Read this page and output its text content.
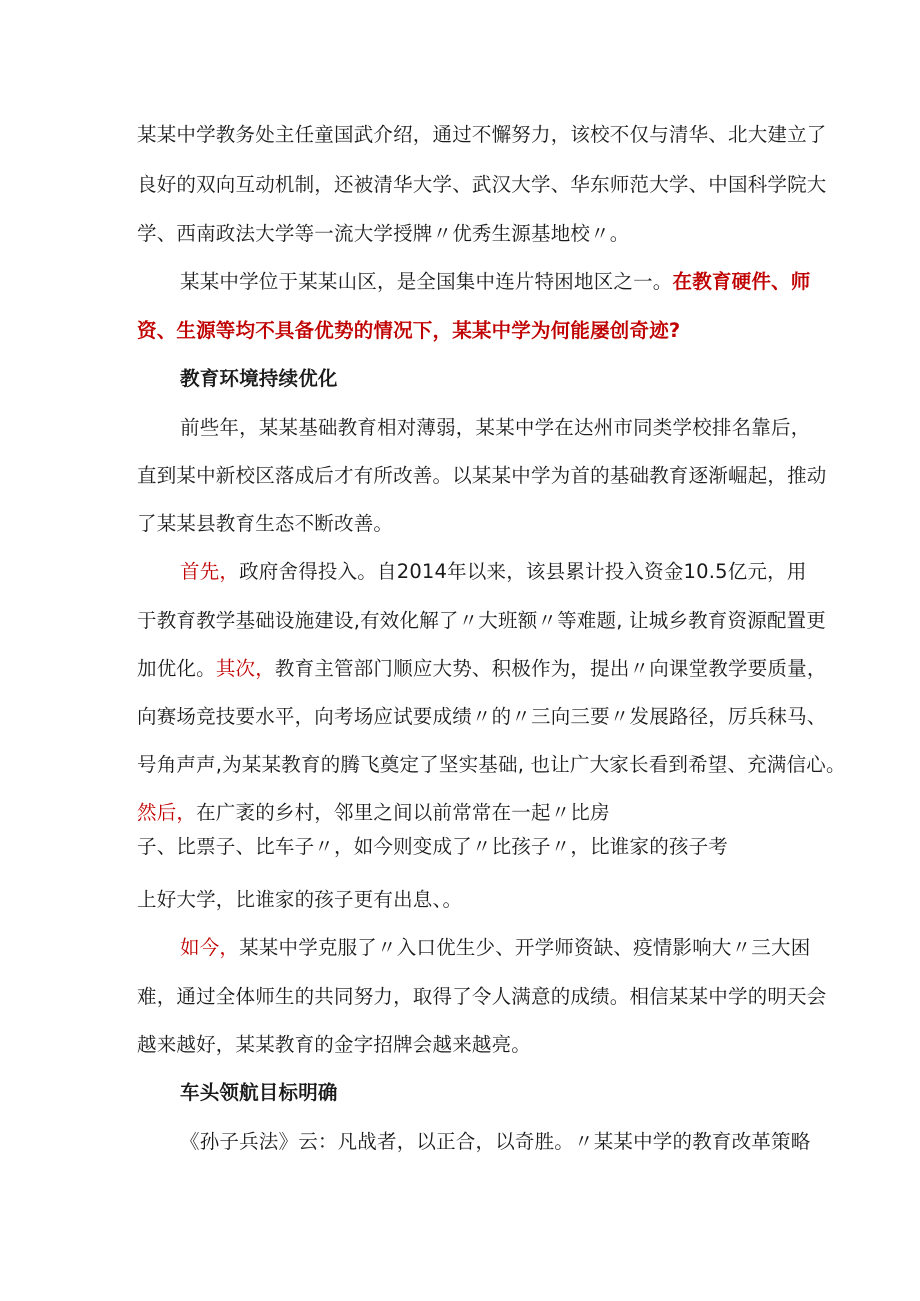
某某中学教务处主任童国武介绍，通过不懈努力，该校不仅与清华、北大建立了
良好的双向互动机制，还被清华大学、武汉大学、华东师范大学、中国科学院大
学、西南政法大学等一流大学授牌〃优秀生源基地校〃。
某某中学位于某某山区，是全国集中连片特困地区之一。在教育硬件、师
资、生源等均不具备优势的情况下，某某中学为何能屡创奇迹?
教育环境持续优化
前些年，某某基础教育相对薄弱，某某中学在达州市同类学校排名靠后，
直到某中新校区落成后才有所改善。以某某中学为首的基础教育逐渐崛起，推动
了某某县教育生态不断改善。
首先，政府舍得投入。自2014年以来，该县累计投入资金10.5亿元，用
于教育教学基础设施建设,有效化解了〃大班额〃等难题, 让城乡教育资源配置更
加优化。其次，教育主管部门顺应大势、积极作为，提出〃向课堂教学要质量，
向赛场竞技要水平，向考场应试要成绩〃的〃三向三要〃发展路径，厉兵秣马、
号角声声,为某某教育的腾飞奠定了坚实基础, 也让广大家长看到希望、充满信心。
然后，在广袤的乡村，邻里之间以前常常在一起〃比房
子、比票子、比车子〃，如今则变成了〃比孩子〃，比谁家的孩子考
上好大学，比谁家的孩子更有出息、。
如今，某某中学克服了〃入口优生少、开学师资缺、疫情影响大〃三大困
难，通过全体师生的共同努力，取得了令人满意的成绩。相信某某中学的明天会
越来越好，某某教育的金字招牌会越来越亮。
车头领航目标明确
《孙子兵法》云：凡战者，以正合，以奇胜。〃某某中学的教育改革策略
